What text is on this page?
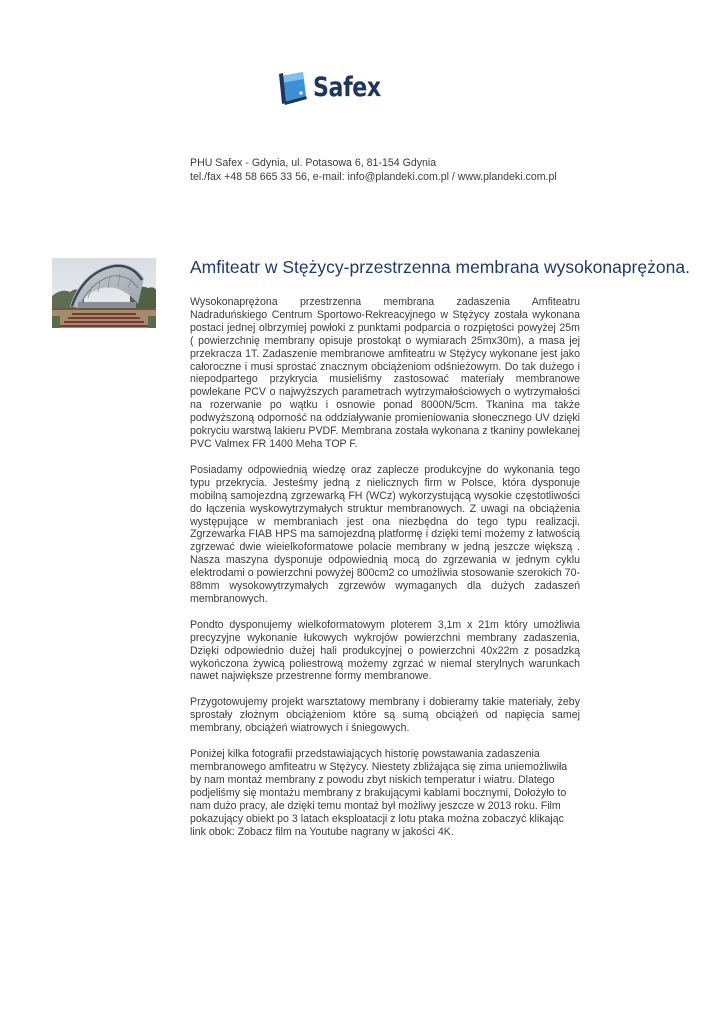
Safex
PHU Safex - Gdynia, ul. Potasowa 6, 81-154 Gdynia
tel./fax +48 58 665 33 56, e-mail: info@plandeki.com.pl / www.plandeki.com.pl
Amfiteatr w Stężycy-przestrzenna membrana wysokonaprężona.

Wysokonaprężona przestrzenna membrana zadaszenia Amfiteatru Nadraduńskiego Centrum Sportowo-Rekreacyjnego w Stężycy została wykonana postaci jednej olbrzymiej powłoki z punktami podparcia o rozpiętości powyżej 25m ( powierzchnię membrany opisuje prostokąt o wymiarach 25mx30m), a masa jej przekracza 1T. Zadaszenie membranowe amfiteatru w Stężycy wykonane jest jako całoroczne i musi sprostać znacznym obciążeniom odśnieżowym. Do tak dużego i niepodpartego przykrycia musieliśmy zastosować materiały membranowe powlekane PCV o najwyższych parametrach wytrzymałościowych o wytrzymałości na rozerwanie po wątku i osnowie ponad 8000N/5cm. Tkanina ma także podwyższoną odporność na oddziaływanie promieniowania słonecznego UV dzięki pokryciu warstwą lakieru PVDF. Membrana została wykonana z tkaniny powlekanej PVC Valmex FR 1400 Meha TOP F.

Posiadamy odpowiednią wiedzę oraz zaplecze produkcyjne do wykonania tego typu przekrycia. Jesteśmy jedną z nielicznych firm w Polsce, która dysponuje mobilną samojezdną zgrzewarką FH (WCz) wykorzystującą wysokie częstotliwości do łączenia wyskowytrzymałych struktur membranowych. Z uwagi na obciążenia występujące w membraniach jest ona niezbędna do tego typu realizacji. Zgrzewarka FIAB HPS ma samojezdną platformę i dzięki temi możemy z łatwością zgrzewać dwie wieielkoformatowe polacie membrany w jedną jeszcze większą . Nasza maszyna dysponuje odpowiednią mocą do zgrzewania w jednym cyklu elektrodami o powierzchni powyżej 800cm2 co umożliwia stosowanie szerokich 70-88mm wysokowytrzymałych zgrzewów wymaganych dla dużych zadaszeń membranowych.

Pondto dysponujemy wielkoformatowym ploterem 3,1m x 21m który umożliwia precyzyjne wykonanie łukowych wykrojów powierzchni membrany zadaszenia, Dzięki odpowiednio dużej hali produkcyjnej o powierzchni 40x22m z posadzką wykończona żywicą poliestrową możemy zgrzać w niemal sterylnych warunkach nawet największe przestrenne formy membranowe.

Przygotowujemy projekt warsztatowy membrany i dobieramy takie materiały, żeby sprostały złożnym obciążeniom które są sumą obciążeń od napięcia samej membrany, obciążeń wiatrowych i śniegowych.

Poniżej kilka fotografii przedstawiających historię powstawania zadaszenia membranowego amfiteatru w Stężycy. Niestety zbliżająca się zima uniemożliwiła by nam montaż membrany z powodu zbyt niskich temperatur i wiatru. Dlatego podjeliśmy się montażu membrany z brakującymi kablami bocznymi, Dołożyło to nam dużo pracy, ale dzięki temu montaż był możliwy jeszcze w 2013 roku. Film pokazujący obiekt po 3 latach eksploatacji z lotu ptaka można zobaczyć klikając link obok: Zobacz film na Youtube nagrany w jakości 4K.
